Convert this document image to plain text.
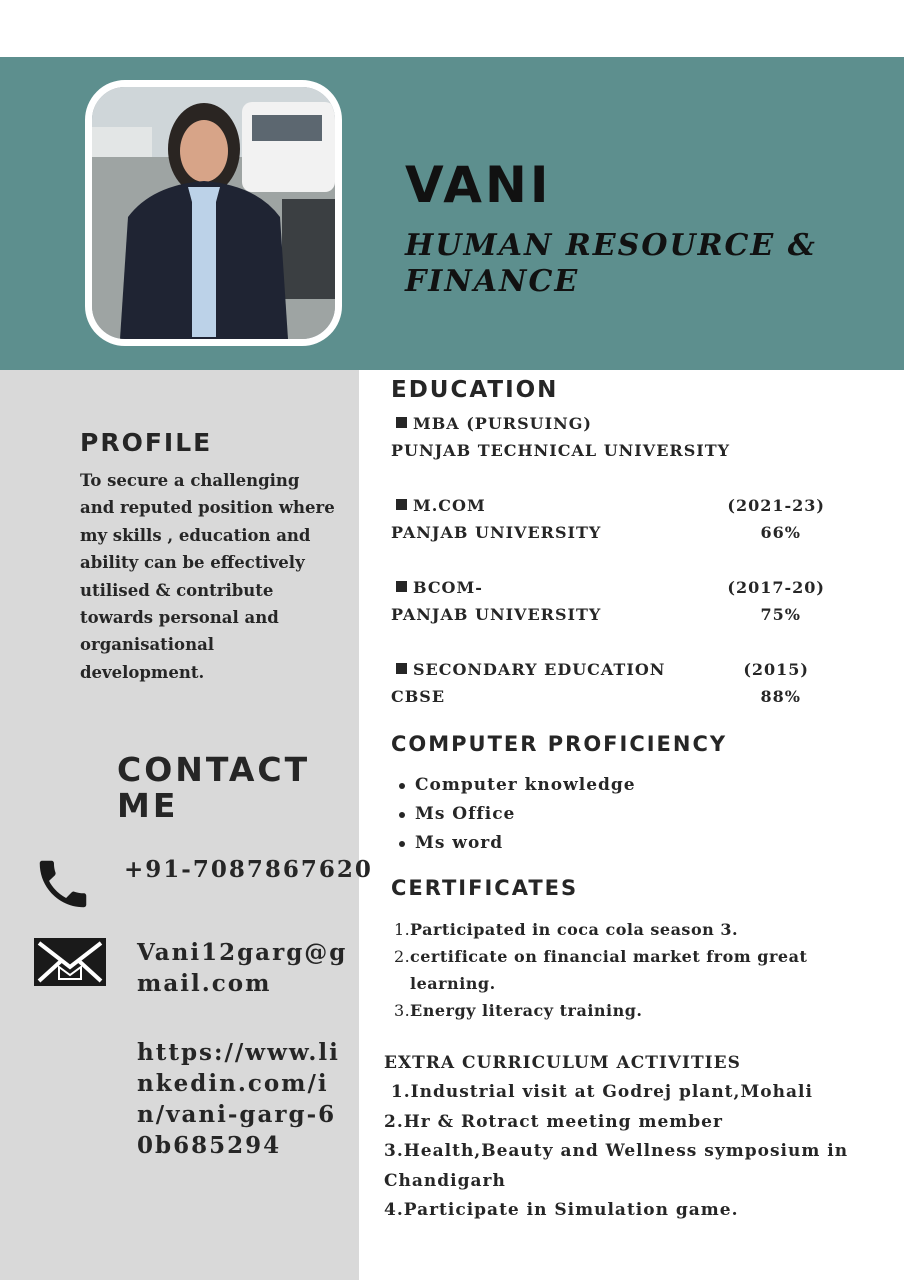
VANI
HUMAN RESOURCE & FINANCE
PROFILE
To secure a challenging and reputed position where my skills , education and ability can be effectively utilised & contribute towards personal and organisational development.
CONTACT ME
+91-7087867620
Vani12garg@gmail.com
https://www.linkedin.com/in/vani-garg-60b685294
EDUCATION
MBA (PURSUING)
PUNJAB TECHNICAL UNIVERSITY
M.COM	(2021-23)
PANJAB UNIVERSITY	66%
BCOM-	(2017-20)
PANJAB UNIVERSITY	75%
SECONDARY EDUCATION	(2015)
CBSE	88%
COMPUTER PROFICIENCY
Computer knowledge
Ms Office
Ms word
CERTIFICATES
1. Participated in coca cola season 3.
2. certificate on financial market from great learning.
3. Energy literacy training.
EXTRA CURRICULUM ACTIVITIES
1.Industrial visit at Godrej plant,Mohali
2.Hr & Rotract meeting member
3.Health,Beauty and Wellness symposium in Chandigarh
4.Participate in Simulation game.
